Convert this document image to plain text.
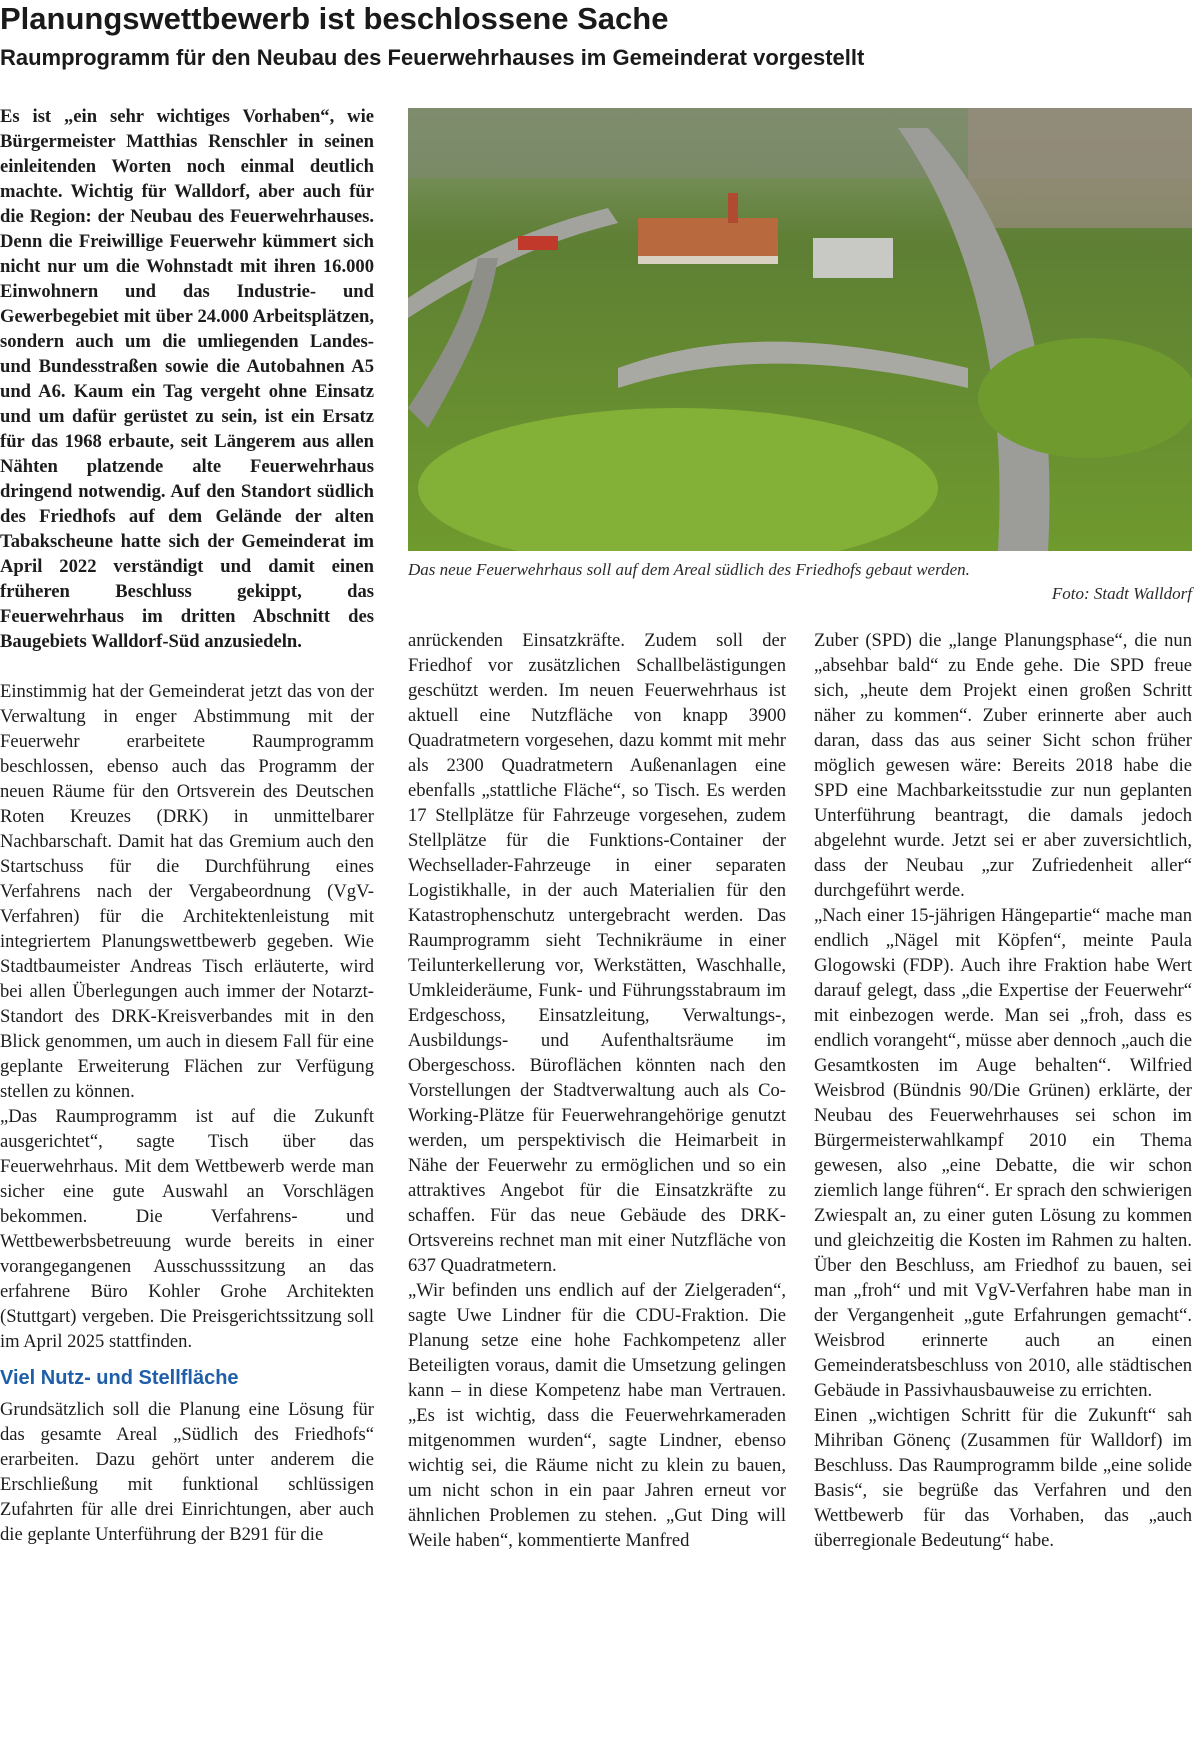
Planungswettbewerb ist beschlossene Sache
Raumprogramm für den Neubau des Feuerwehrhauses im Gemeinderat vorgestellt

Es ist „ein sehr wichtiges Vorhaben“, wie Bürgermeister Matthias Renschler in seinen einleitenden Worten noch einmal deutlich machte. Wichtig für Walldorf, aber auch für die Region: der Neubau des Feuerwehrhauses. Denn die Freiwillige Feuerwehr kümmert sich nicht nur um die Wohnstadt mit ihren 16.000 Einwohnern und das Industrie- und Gewerbegebiet mit über 24.000 Arbeitsplätzen, sondern auch um die umliegenden Landes- und Bundesstraßen sowie die Autobahnen A5 und A6. Kaum ein Tag vergeht ohne Einsatz und um dafür gerüstet zu sein, ist ein Ersatz für das 1968 erbaute, seit Längerem aus allen Nähten platzende alte Feuerwehrhaus dringend notwendig. Auf den Standort südlich des Friedhofs auf dem Gelände der alten Tabakscheune hatte sich der Gemeinderat im April 2022 verständigt und damit einen früheren Beschluss gekippt, das Feuerwehrhaus im dritten Abschnitt des Baugebiets Walldorf-Süd anzusiedeln.

Einstimmig hat der Gemeinderat jetzt das von der Verwaltung in enger Abstimmung mit der Feuerwehr erarbeitete Raumprogramm beschlossen, ebenso auch das Programm der neuen Räume für den Ortsverein des Deutschen Roten Kreuzes (DRK) in unmittelbarer Nachbarschaft. Damit hat das Gremium auch den Startschuss für die Durchführung eines Verfahrens nach der Vergabeordnung (VgV-Verfahren) für die Architektenleistung mit integriertem Planungswettbewerb gegeben. Wie Stadtbaumeister Andreas Tisch erläuterte, wird bei allen Überlegungen auch immer der Notarzt-Standort des DRK-Kreisverbandes mit in den Blick genommen, um auch in diesem Fall für eine geplante Erweiterung Flächen zur Verfügung stellen zu können.

„Das Raumprogramm ist auf die Zukunft ausgerichtet“, sagte Tisch über das Feuerwehrhaus. Mit dem Wettbewerb werde man sicher eine gute Auswahl an Vorschlägen bekommen. Die Verfahrens- und Wettbewerbsbetreuung wurde bereits in einer vorangegangenen Ausschusssitzung an das erfahrene Büro Kohler Grohe Architekten (Stuttgart) vergeben. Die Preisgerichtssitzung soll im April 2025 stattfinden.

Viel Nutz- und Stellfläche

Grundsätzlich soll die Planung eine Lösung für das gesamte Areal „Südlich des Friedhofs“ erarbeiten. Dazu gehört unter anderem die Erschließung mit funktional schlüssigen Zufahrten für alle drei Einrichtungen, aber auch die geplante Unterführung der B291 für die

Das neue Feuerwehrhaus soll auf dem Areal südlich des Friedhofs gebaut werden.
Foto: Stadt Walldorf

anrückenden Einsatzkräfte. Zudem soll der Friedhof vor zusätzlichen Schallbelästigungen geschützt werden. Im neuen Feuerwehrhaus ist aktuell eine Nutzfläche von knapp 3900 Quadratmetern vorgesehen, dazu kommt mit mehr als 2300 Quadratmetern Außenanlagen eine ebenfalls „stattliche Fläche“, so Tisch. Es werden 17 Stellplätze für Fahrzeuge vorgesehen, zudem Stellplätze für die Funktions-Container der Wechsellader-Fahrzeuge in einer separaten Logistikhalle, in der auch Materialien für den Katastrophenschutz untergebracht werden. Das Raumprogramm sieht Technikräume in einer Teilunterkellerung vor, Werkstätten, Waschhalle, Umkleideräume, Funk- und Führungsstabraum im Erdgeschoss, Einsatzleitung, Verwaltungs-, Ausbildungs- und Aufenthaltsräume im Obergeschoss. Büroflächen könnten nach den Vorstellungen der Stadtverwaltung auch als Co-Working-Plätze für Feuerwehrangehörige genutzt werden, um perspektivisch die Heimarbeit in Nähe der Feuerwehr zu ermöglichen und so ein attraktives Angebot für die Einsatzkräfte zu schaffen. Für das neue Gebäude des DRK-Ortsvereins rechnet man mit einer Nutzfläche von 637 Quadratmetern.

„Wir befinden uns endlich auf der Zielgeraden“, sagte Uwe Lindner für die CDU-Fraktion. Die Planung setze eine hohe Fachkompetenz aller Beteiligten voraus, damit die Umsetzung gelingen kann – in diese Kompetenz habe man Vertrauen. „Es ist wichtig, dass die Feuerwehrkameraden mitgenommen wurden“, sagte Lindner, ebenso wichtig sei, die Räume nicht zu klein zu bauen, um nicht schon in ein paar Jahren erneut vor ähnlichen Problemen zu stehen. „Gut Ding will Weile haben“, kommentierte Manfred

Zuber (SPD) die „lange Planungsphase“, die nun „absehbar bald“ zu Ende gehe. Die SPD freue sich, „heute dem Projekt einen großen Schritt näher zu kommen“. Zuber erinnerte aber auch daran, dass das aus seiner Sicht schon früher möglich gewesen wäre: Bereits 2018 habe die SPD eine Machbarkeitsstudie zur nun geplanten Unterführung beantragt, die damals jedoch abgelehnt wurde. Jetzt sei er aber zuversichtlich, dass der Neubau „zur Zufriedenheit aller“ durchgeführt werde.

„Nach einer 15-jährigen Hängepartie“ mache man endlich „Nägel mit Köpfen“, meinte Paula Glogowski (FDP). Auch ihre Fraktion habe Wert darauf gelegt, dass „die Expertise der Feuerwehr“ mit einbezogen werde. Man sei „froh, dass es endlich vorangeht“, müsse aber dennoch „auch die Gesamtkosten im Auge behalten“. Wilfried Weisbrod (Bündnis 90/Die Grünen) erklärte, der Neubau des Feuerwehrhauses sei schon im Bürgermeisterwahlkampf 2010 ein Thema gewesen, also „eine Debatte, die wir schon ziemlich lange führen“. Er sprach den schwierigen Zwiespalt an, zu einer guten Lösung zu kommen und gleichzeitig die Kosten im Rahmen zu halten. Über den Beschluss, am Friedhof zu bauen, sei man „froh“ und mit VgV-Verfahren habe man in der Vergangenheit „gute Erfahrungen gemacht“. Weisbrod erinnerte auch an einen Gemeinderatsbeschluss von 2010, alle städtischen Gebäude in Passivhausbauweise zu errichten.

Einen „wichtigen Schritt für die Zukunft“ sah Mihriban Gönenç (Zusammen für Walldorf) im Beschluss. Das Raumprogramm bilde „eine solide Basis“, sie begrüße das Verfahren und den Wettbewerb für das Vorhaben, das „auch überregionale Bedeutung“ habe.
